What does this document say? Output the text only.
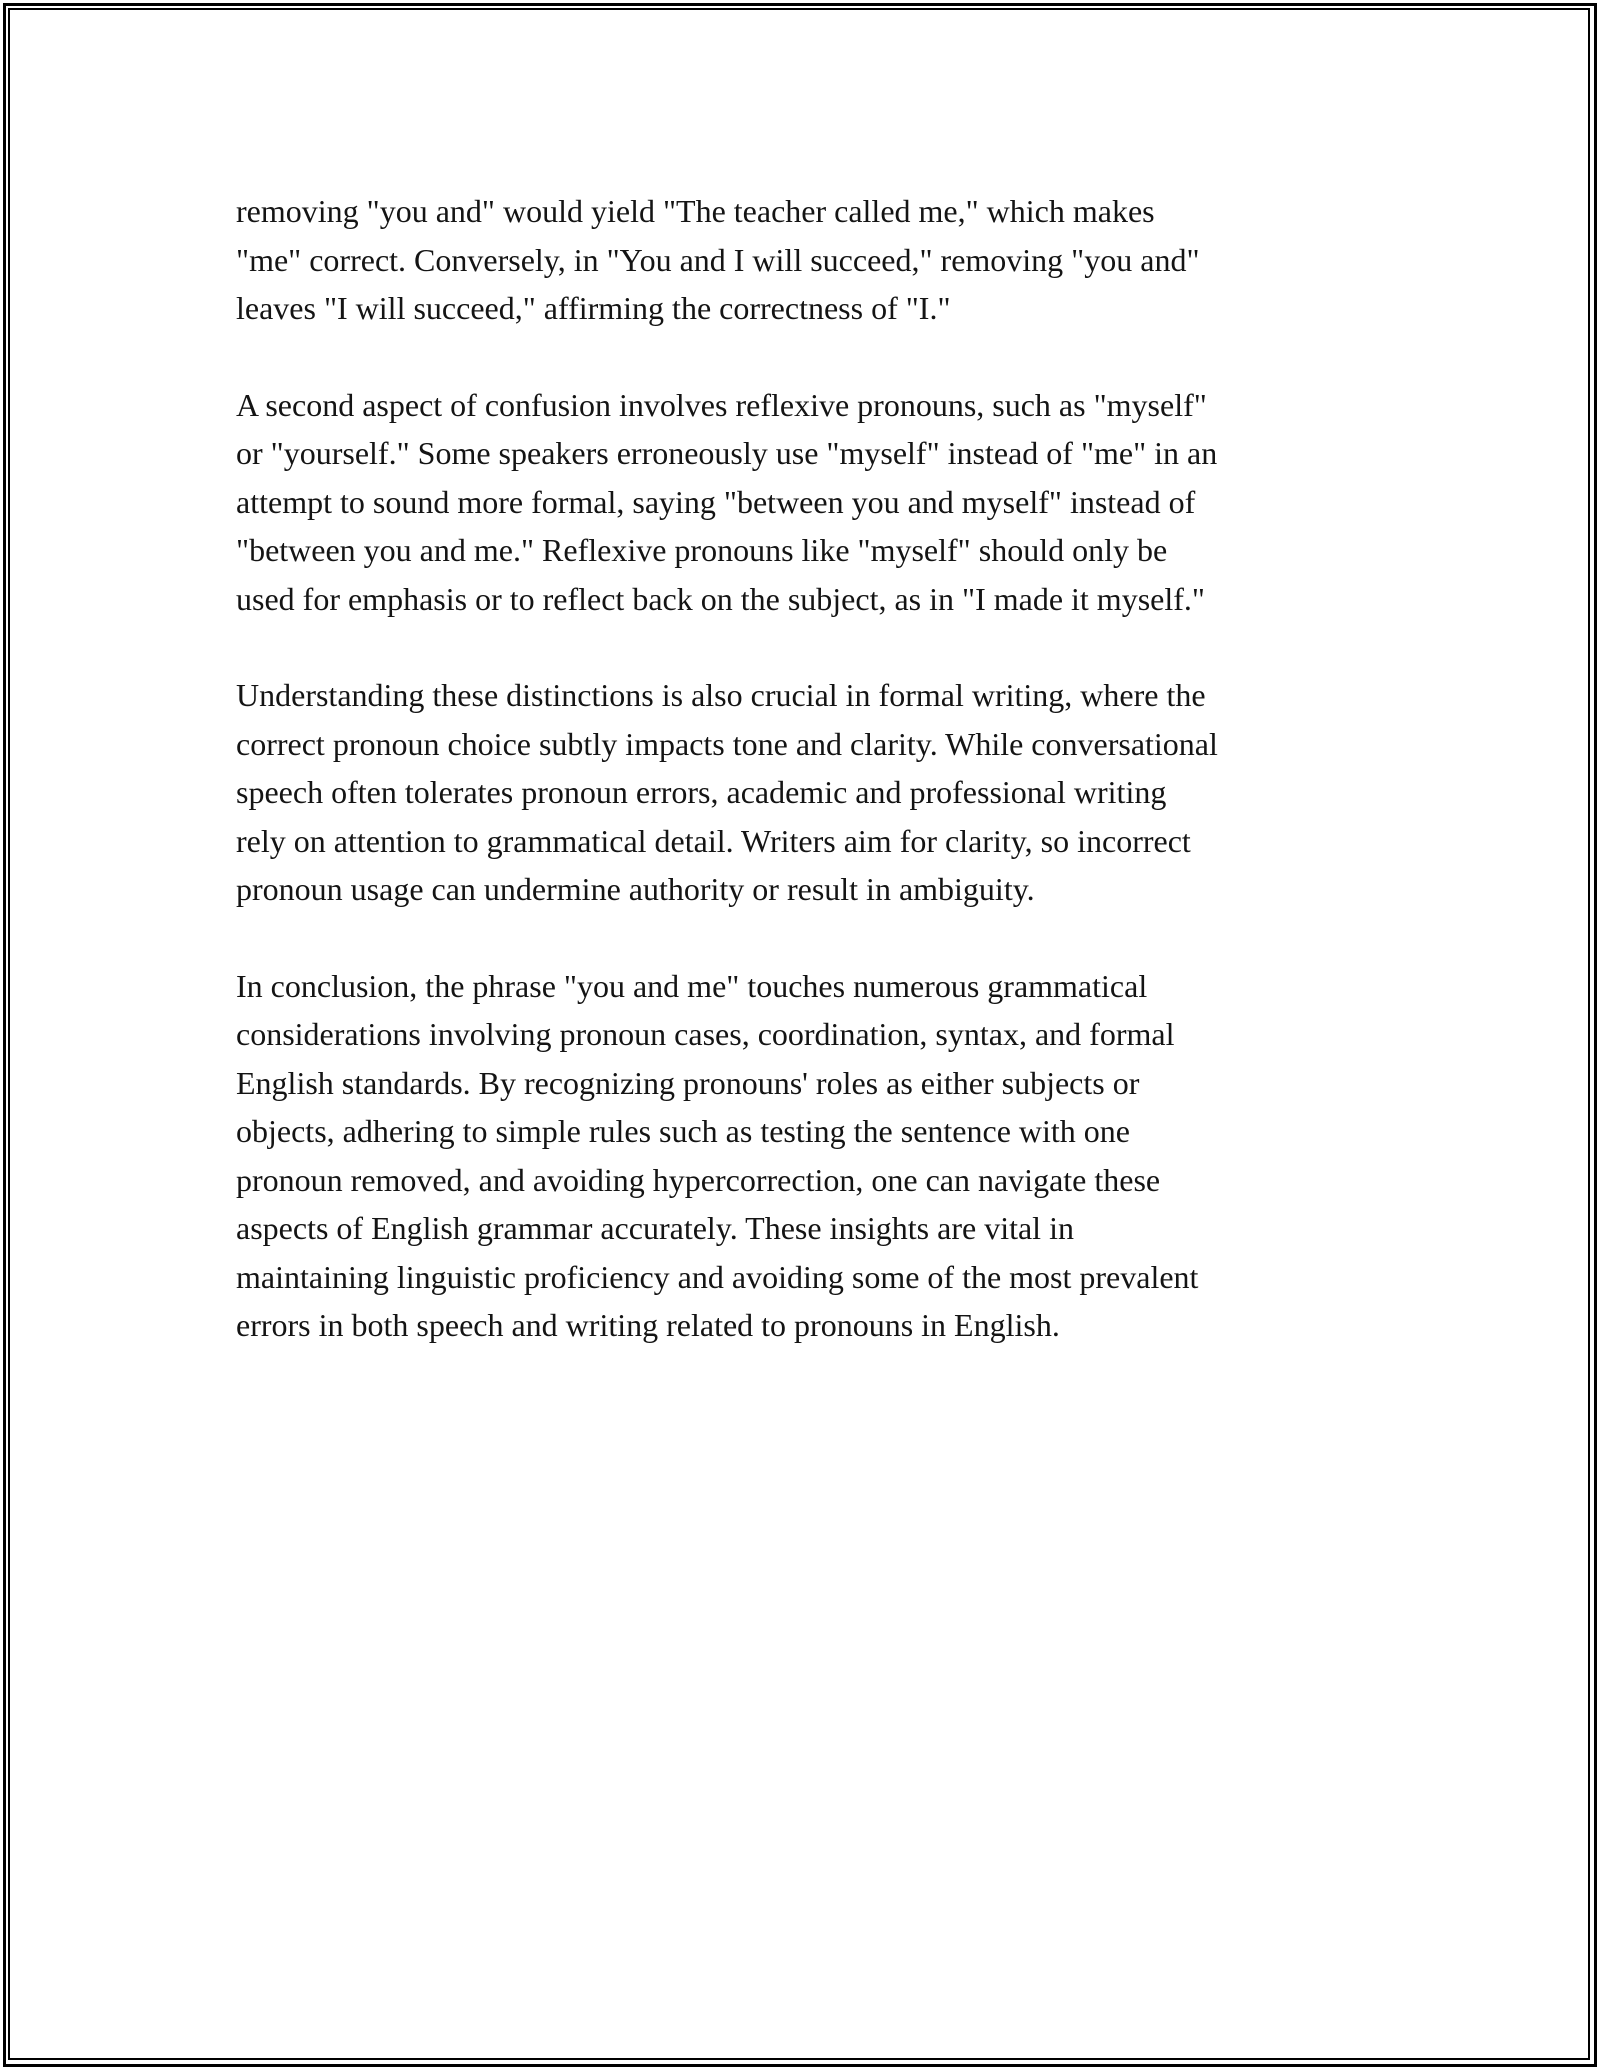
removing "you and" would yield "The teacher called me," which makes
"me" correct. Conversely, in "You and I will succeed," removing "you and"
leaves "I will succeed," affirming the correctness of "I."

A second aspect of confusion involves reflexive pronouns, such as "myself"
or "yourself." Some speakers erroneously use "myself" instead of "me" in an
attempt to sound more formal, saying "between you and myself" instead of
"between you and me." Reflexive pronouns like "myself" should only be
used for emphasis or to reflect back on the subject, as in "I made it myself."

Understanding these distinctions is also crucial in formal writing, where the
correct pronoun choice subtly impacts tone and clarity. While conversational
speech often tolerates pronoun errors, academic and professional writing
rely on attention to grammatical detail. Writers aim for clarity, so incorrect
pronoun usage can undermine authority or result in ambiguity.

In conclusion, the phrase "you and me" touches numerous grammatical
considerations involving pronoun cases, coordination, syntax, and formal
English standards. By recognizing pronouns' roles as either subjects or
objects, adhering to simple rules such as testing the sentence with one
pronoun removed, and avoiding hypercorrection, one can navigate these
aspects of English grammar accurately. These insights are vital in
maintaining linguistic proficiency and avoiding some of the most prevalent
errors in both speech and writing related to pronouns in English.
